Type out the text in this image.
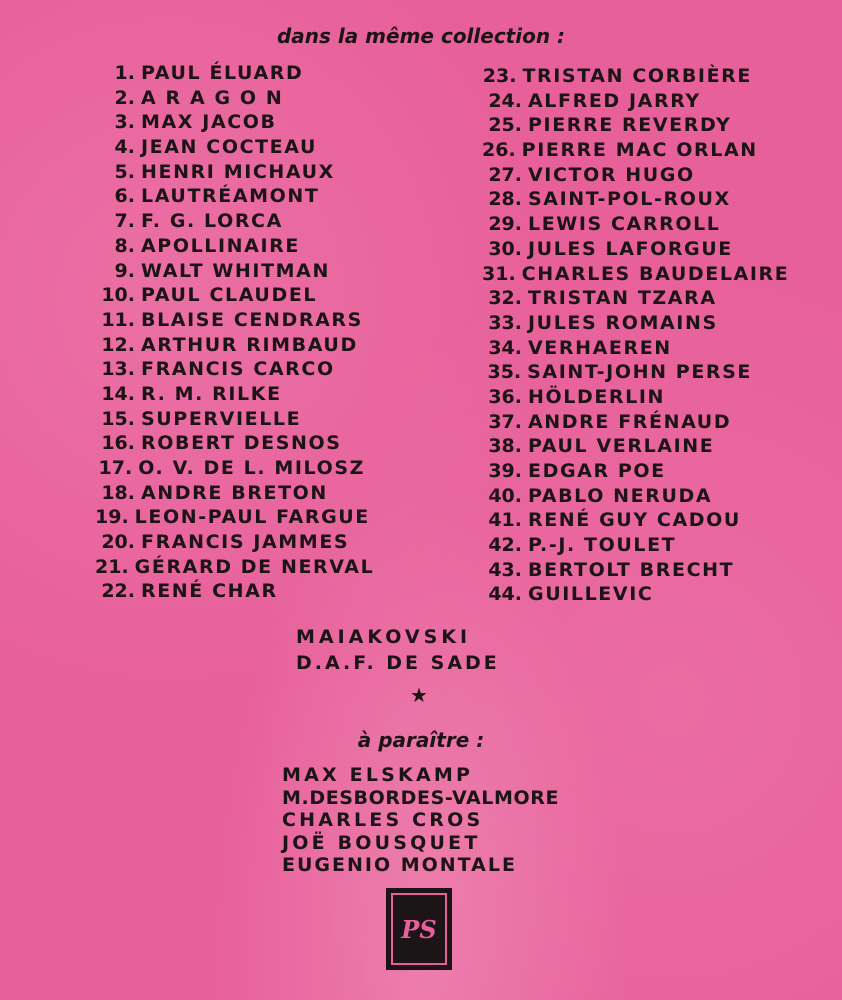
dans la même collection :
1. PAUL ÉLUARD
2. A R A G O N
3. MAX JACOB
4. JEAN COCTEAU
5. HENRI MICHAUX
6. LAUTRÉAMONT
7. F. G. LORCA
8. APOLLINAIRE
9. WALT WHITMAN
10. PAUL CLAUDEL
11. BLAISE CENDRARS
12. ARTHUR RIMBAUD
13. FRANCIS CARCO
14. R. M. RILKE
15. SUPERVIELLE
16. ROBERT DESNOS
17. O. V. DE L. MILOSZ
18. ANDRE BRETON
19. LEON-PAUL FARGUE
20. FRANCIS JAMMES
21. GÉRARD DE NERVAL
22. RENÉ CHAR
23. TRISTAN CORBIÈRE
24. ALFRED JARRY
25. PIERRE REVERDY
26. PIERRE MAC ORLAN
27. VICTOR HUGO
28. SAINT-POL-ROUX
29. LEWIS CARROLL
30. JULES LAFORGUE
31. CHARLES BAUDELAIRE
32. TRISTAN TZARA
33. JULES ROMAINS
34. VERHAEREN
35. SAINT-JOHN PERSE
36. HÖLDERLIN
37. ANDRE FRÉNAUD
38. PAUL VERLAINE
39. EDGAR POE
40. PABLO NERUDA
41. RENÉ GUY CADOU
42. P.-J. TOULET
43. BERTOLT BRECHT
44. GUILLEVIC
MAIAKOVSKI
D.A.F. DE SADE
★
à paraître :
MAX ELSKAMP
M.DESBORDES-VALMORE
CHARLES CROS
JOË BOUSQUET
EUGENIO MONTALE
PS
